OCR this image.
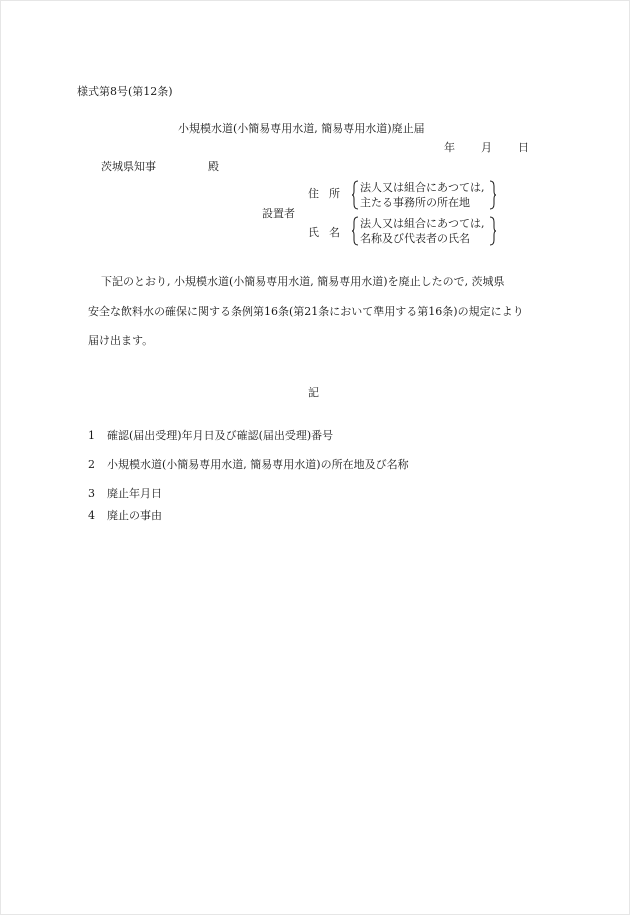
様式第8号(第12条)
小規模水道(小簡易専用水道, 簡易専用水道)廃止届
年 月 日
茨城県知事	殿
設置者
住 所 法人又は組合にあつては,
主たる事務所の所在地
氏 名
法人又は組合にあつては,
名称及び代表者の氏名
下記のとおり, 小規模水道(小簡易専用水道, 簡易専用水道)を廃止したので, 茨城県
安全な飲料水の確保に関する条例第16条(第21条において準用する第16条)の規定により
届け出ます。
記
1 確認(届出受理)年月日及び確認(届出受理)番号
2 小規模水道(小簡易専用水道, 簡易専用水道)の所在地及び名称
3 廃止年月日
4 廃止の事由
